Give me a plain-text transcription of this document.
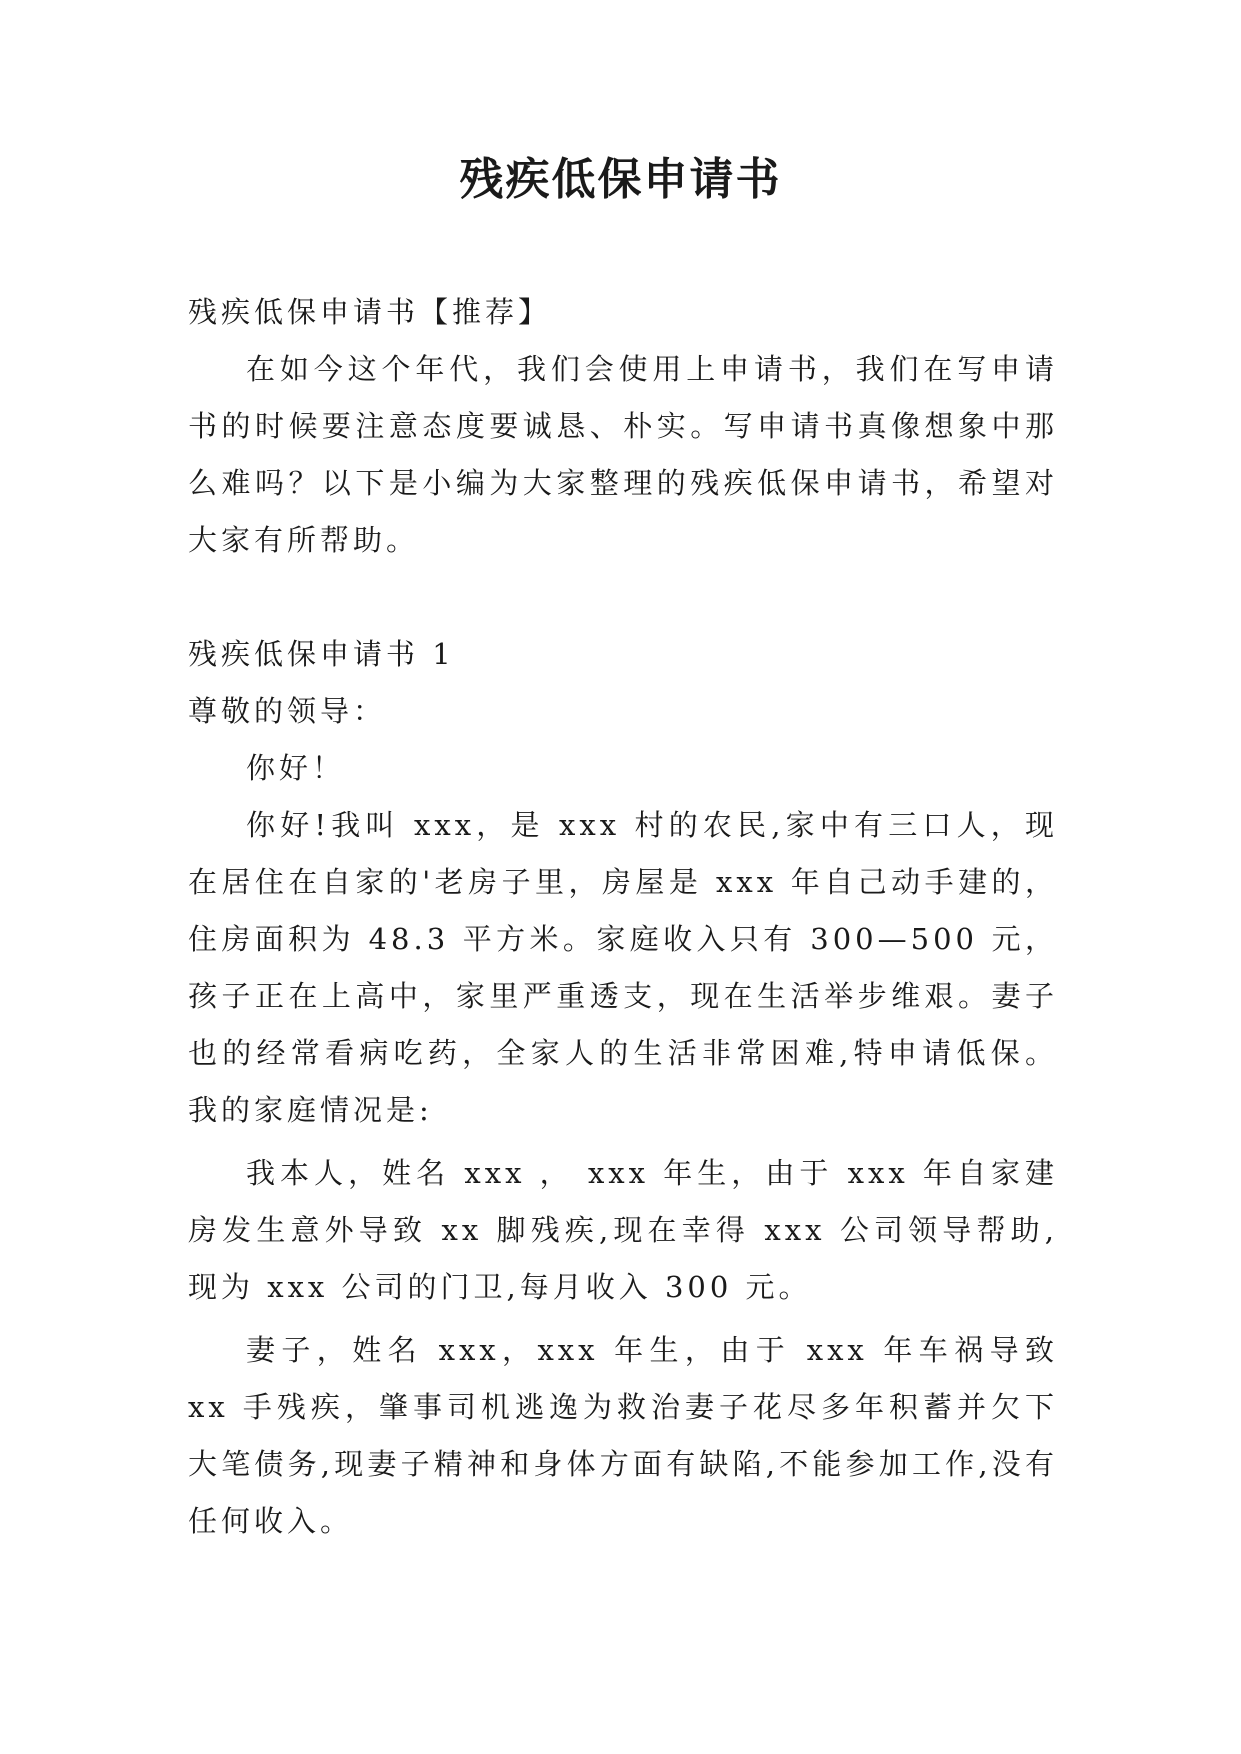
残疾低保申请书

残疾低保申请书【推荐】

在如今这个年代，我们会使用上申请书，我们在写申请书的时候要注意态度要诚恳、朴实。写申请书真像想象中那么难吗？以下是小编为大家整理的残疾低保申请书，希望对大家有所帮助。

残疾低保申请书 1

尊敬的领导：

你好！

你好!我叫 xxx，是 xxx 村的农民,家中有三口人，现在居住在自家的'老房子里，房屋是 xxx 年自己动手建的，住房面积为 48.3 平方米。家庭收入只有 300—500 元，孩子正在上高中，家里严重透支，现在生活举步维艰。妻子也的经常看病吃药，全家人的生活非常困难,特申请低保。我的家庭情况是:

我本人，姓名 xxx ， xxx 年生，由于 xxx 年自家建房发生意外导致 xx 脚残疾,现在幸得 xxx 公司领导帮助,现为 xxx 公司的门卫,每月收入 300 元。

妻子，姓名 xxx，xxx 年生，由于 xxx 年车祸导致 xx 手残疾，肇事司机逃逸为救治妻子花尽多年积蓄并欠下大笔债务,现妻子精神和身体方面有缺陷,不能参加工作,没有任何收入。
